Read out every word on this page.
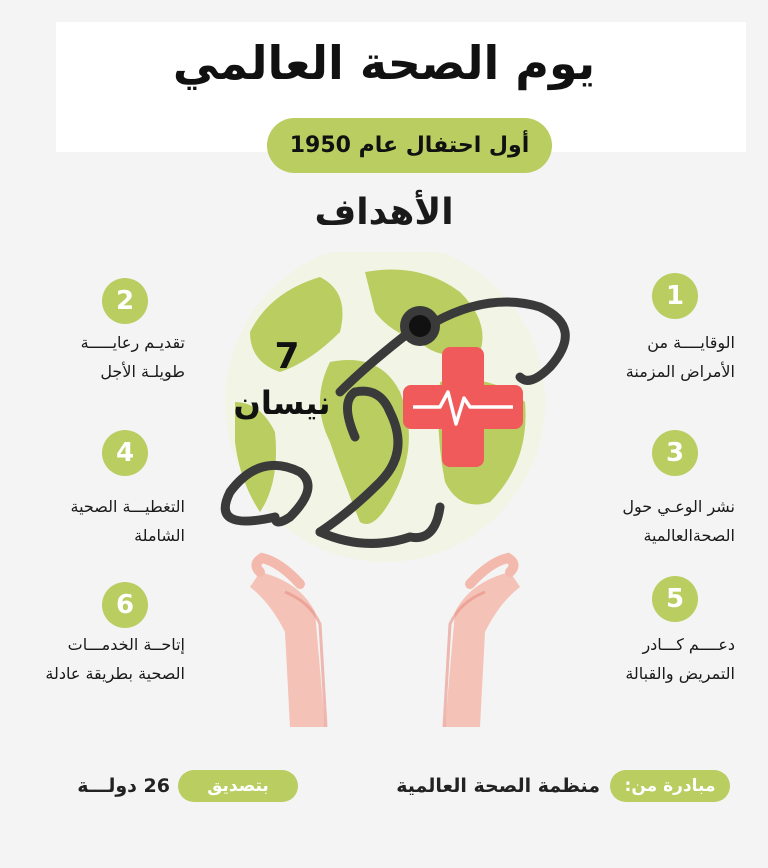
يوم الصحة العالمي
أول احتفال عام 1950
الأهداف
7
نيسان
1
الوقايــــة من
الأمراض المزمنة
2
تقديـم رعايـــــة
طويلـة الأجل
3
نشر الوعـي حول
الصحةالعالمية
4
التغطيـــة الصحية
الشاملة
5
دعــــم كـــادر
التمريض والقبالة
6
إتاحــة الخدمـــات
الصحية بطريقة عادلة
مبادرة من:
منظمة الصحة العالمية
بتصديق
26 دولـــة
